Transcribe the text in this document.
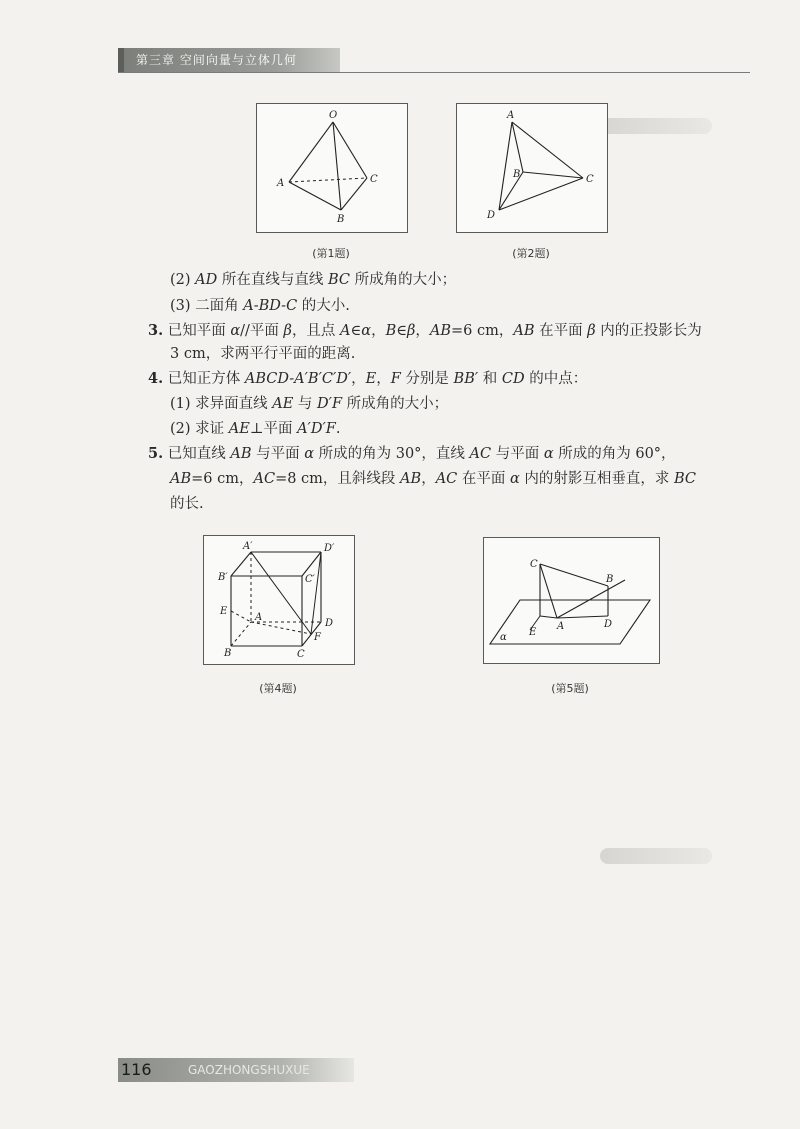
第三章 空间向量与立体几何
O
A	C
B
(第1题)
A
B	C
D
(第2题)
(2) AD 所在直线与直线 BC 所成角的大小；
(3) 二面角 A-BD-C 的大小.
3. 已知平面 α//平面 β，且点 A∈α，B∈β，AB=6 cm，AB 在平面 β 内的正投影长为
3 cm，求两平行平面的距离.
4. 已知正方体 ABCD-A′B′C′D′，E，F 分别是 BB′ 和 CD 的中点：
(1) 求异面直线 AE 与 D′F 所成角的大小；
(2) 求证 AE⊥平面 A′D′F.
5. 已知直线 AB 与平面 α 所成的角为 30°，直线 AC 与平面 α 所成的角为 60°，
AB=6 cm，AC=8 cm，且斜线段 AB，AC 在平面 α 内的射影互相垂直，求 BC
的长.
A′	D′
B′	C′
E
A
D
F
B	C
(第4题)
C
B
E
A	D
α
(第5题)
116	GAOZHONGSHUXUE
